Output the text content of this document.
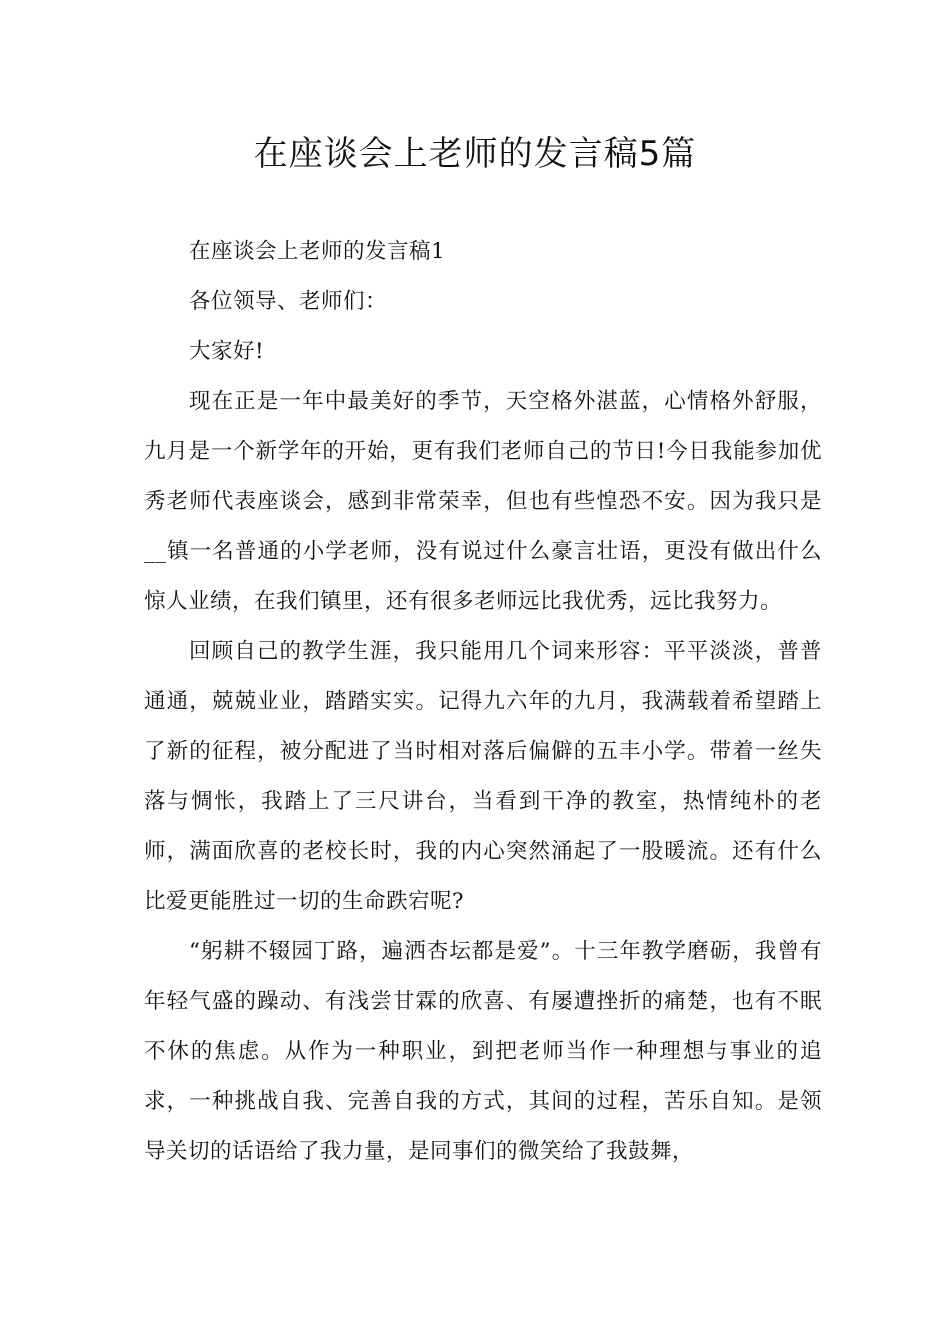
在座谈会上老师的发言稿5篇

在座谈会上老师的发言稿1

各位领导、老师们：

大家好!

现在正是一年中最美好的季节，天空格外湛蓝，心情格外舒服，九月是一个新学年的开始，更有我们老师自己的节日!今日我能参加优秀老师代表座谈会，感到非常荣幸，但也有些惶恐不安。因为我只是__镇一名普通的小学老师，没有说过什么豪言壮语，更没有做出什么惊人业绩，在我们镇里，还有很多老师远比我优秀，远比我努力。

回顾自己的教学生涯，我只能用几个词来形容：平平淡淡，普普通通，兢兢业业，踏踏实实。记得九六年的九月，我满载着希望踏上了新的征程，被分配进了当时相对落后偏僻的五丰小学。带着一丝失落与惆怅，我踏上了三尺讲台，当看到干净的教室，热情纯朴的老师，满面欣喜的老校长时，我的内心突然涌起了一股暖流。还有什么比爱更能胜过一切的生命跌宕呢?

“躬耕不辍园丁路，遍洒杏坛都是爱”。十三年教学磨砺，我曾有年轻气盛的躁动、有浅尝甘霖的欣喜、有屡遭挫折的痛楚，也有不眠不休的焦虑。从作为一种职业，到把老师当作一种理想与事业的追求，一种挑战自我、完善自我的方式，其间的过程，苦乐自知。是领导关切的话语给了我力量，是同事们的微笑给了我鼓舞，
